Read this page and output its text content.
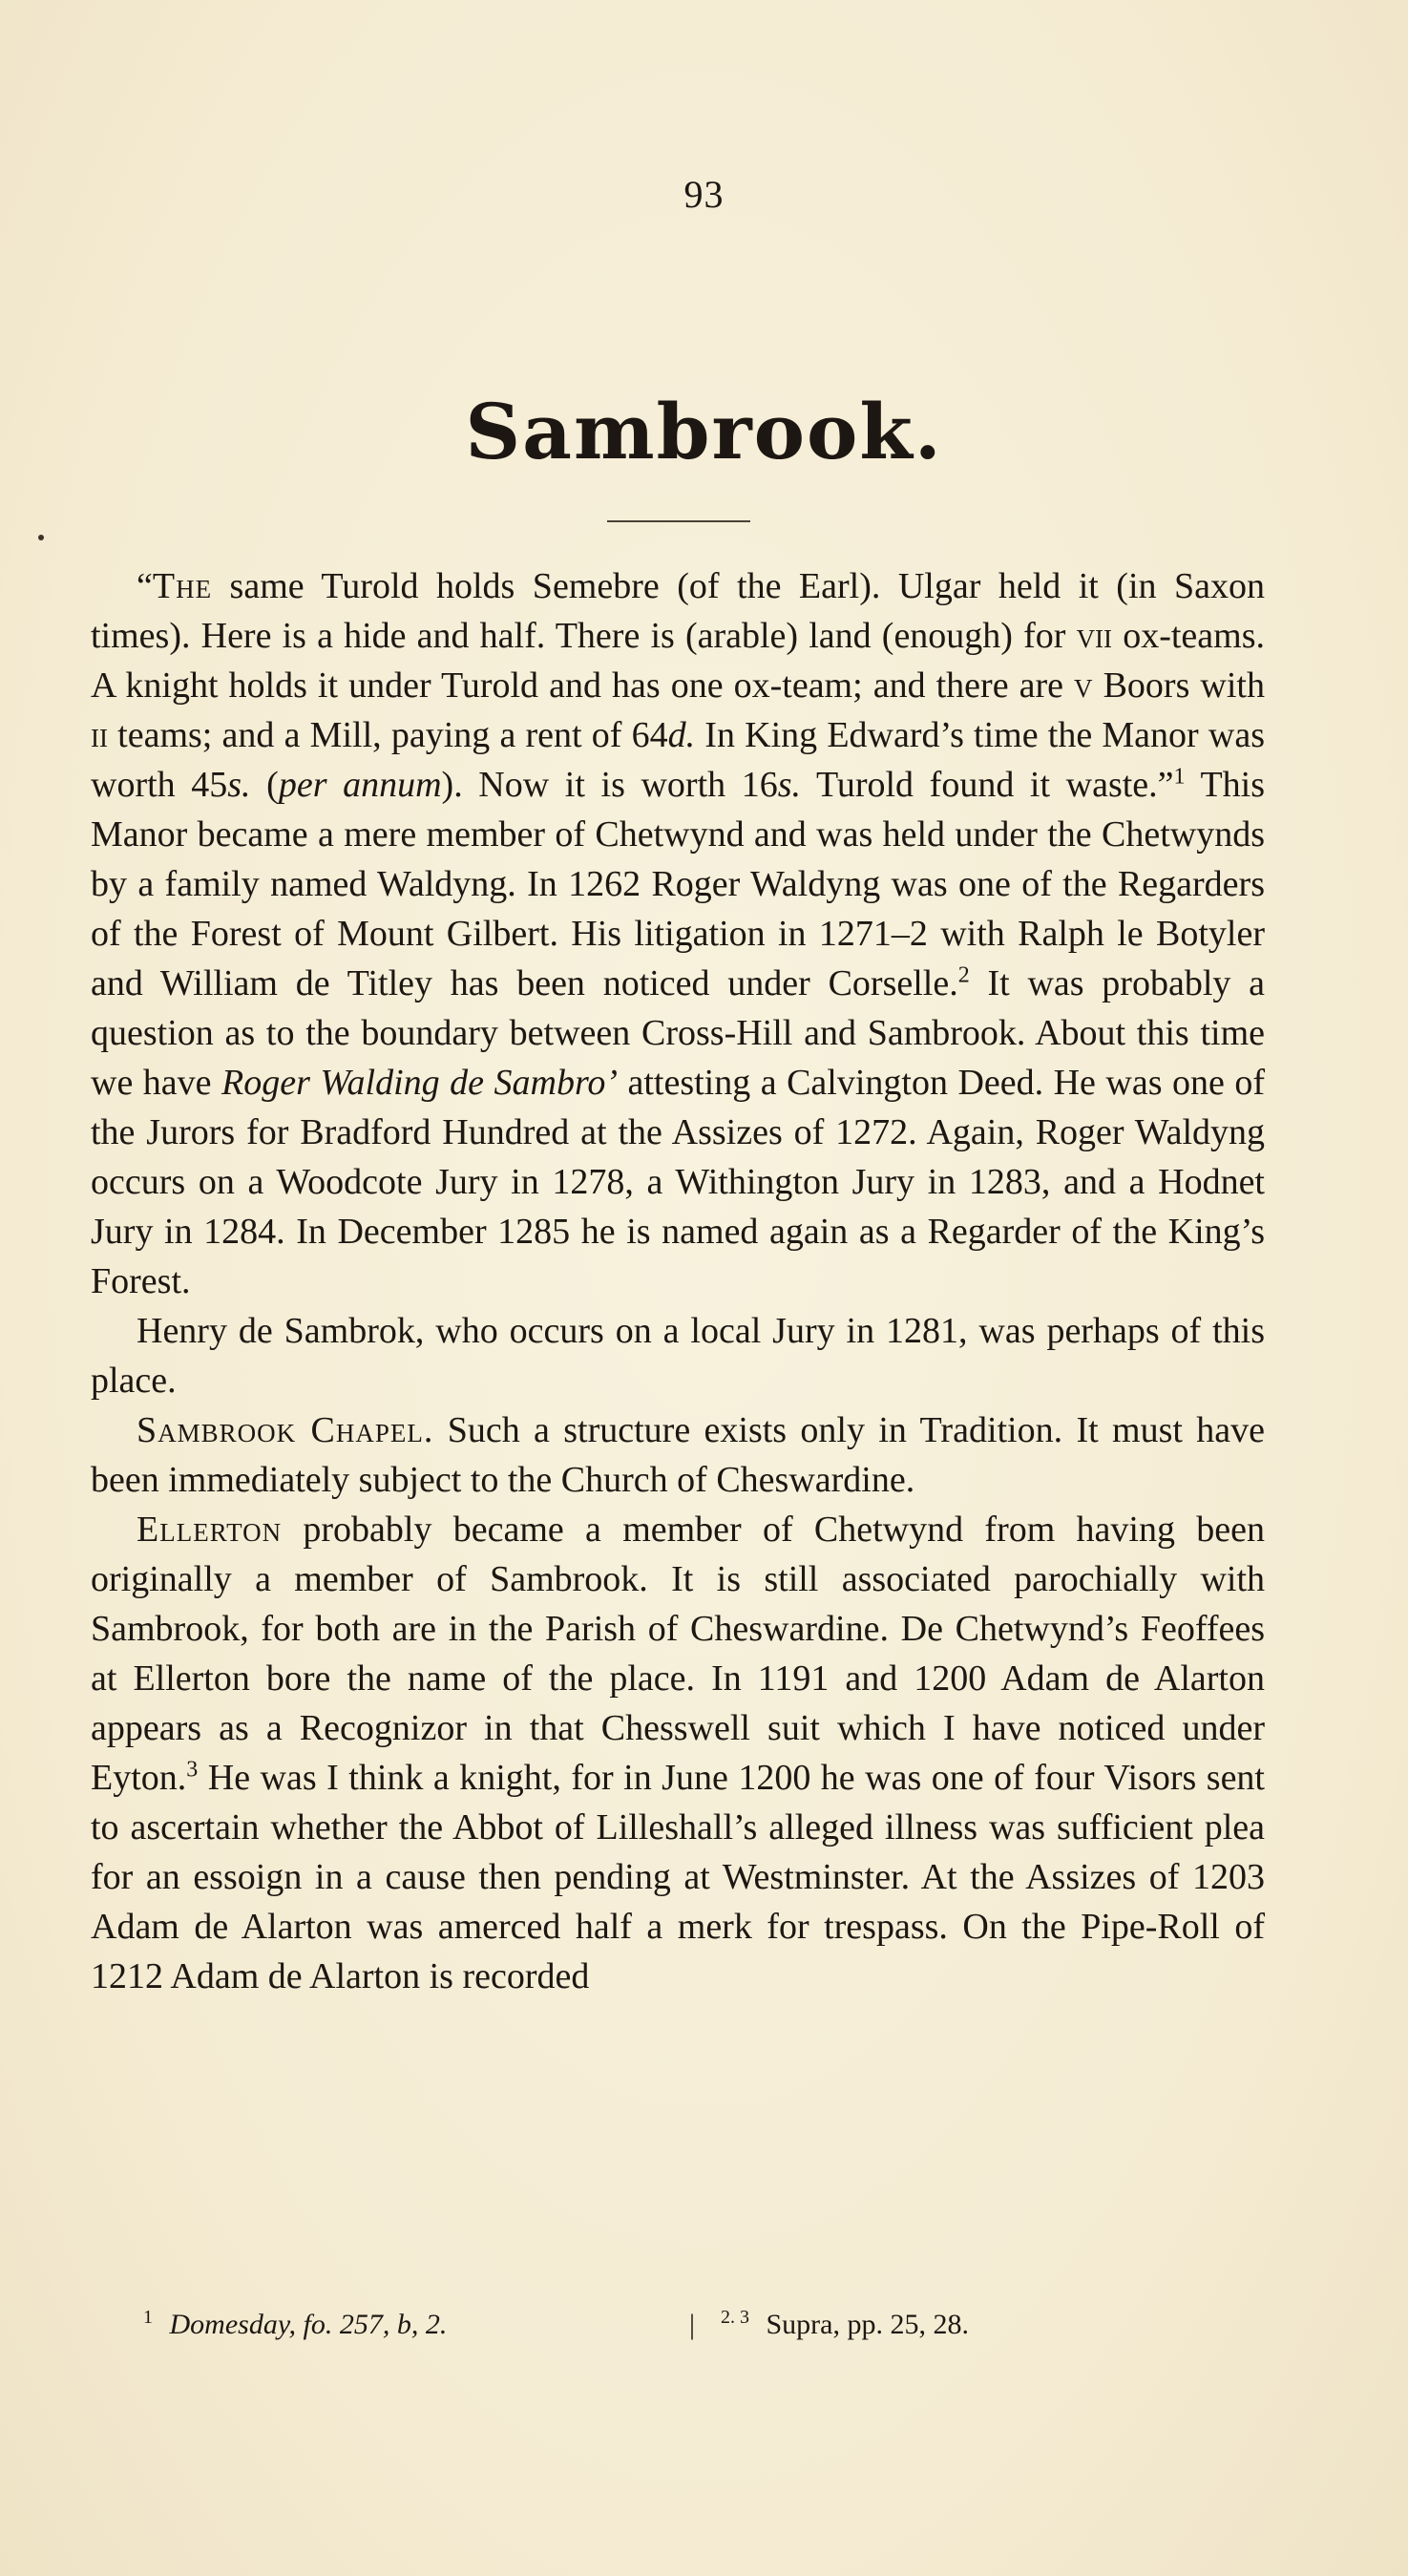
93
Sambrook.

“The same Turold holds Semebre (of the Earl). Ulgar held it (in Saxon times). Here is a hide and half. There is (arable) land (enough) for vii ox-teams. A knight holds it under Turold and has one ox-team; and there are v Boors with ii teams; and a Mill, paying a rent of 64d. In King Edward’s time the Manor was worth 45s. (per annum). Now it is worth 16s. Turold found it waste.”$^1$ This Manor became a mere member of Chetwynd and was held under the Chetwynds by a family named Waldyng. In 1262 Roger Waldyng was one of the Regarders of the Forest of Mount Gilbert. His litigation in 1271–2 with Ralph le Botyler and William de Titley has been noticed under Corselle.$^2$ It was probably a question as to the boundary between Cross-Hill and Sambrook. About this time we have Roger Walding de Sambro’ attesting a Calvington Deed. He was one of the Jurors for Bradford Hundred at the Assizes of 1272. Again, Roger Waldyng occurs on a Woodcote Jury in 1278, a Withington Jury in 1283, and a Hodnet Jury in 1284. In December 1285 he is named again as a Regarder of the King’s Forest.

Henry de Sambrok, who occurs on a local Jury in 1281, was perhaps of this place.

Sambrook Chapel. Such a structure exists only in Tradition. It must have been immediately subject to the Church of Cheswardine.

Ellerton probably became a member of Chetwynd from having been originally a member of Sambrook. It is still associated parochially with Sambrook, for both are in the Parish of Cheswardine. De Chetwynd’s Feoffees at Ellerton bore the name of the place. In 1191 and 1200 Adam de Alarton appears as a Recognizor in that Chesswell suit which I have noticed under Eyton.$^3$ He was I think a knight, for in June 1200 he was one of four Visors sent to ascertain whether the Abbot of Lilleshall’s alleged illness was sufficient plea for an essoign in a cause then pending at Westminster. At the Assizes of 1203 Adam de Alarton was amerced half a merk for trespass. On the Pipe-Roll of 1212 Adam de Alarton is recorded

$^1$ Domesday, fo. 257, b, 2.	|	$^{2. 3}$ Supra, pp. 25, 28.
